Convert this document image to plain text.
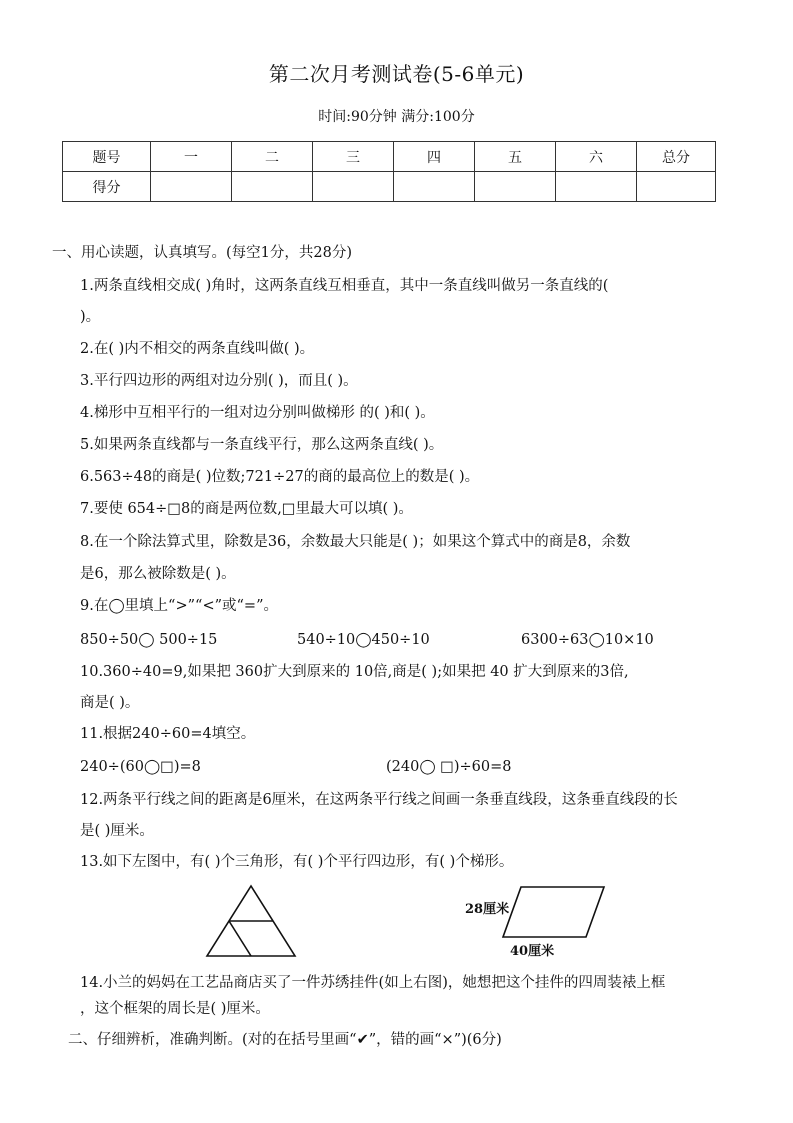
第二次月考测试卷(5-6单元)
时间:90分钟 满分:100分
题号	一	二	三	四	五	六	总分
得分							
一、用心读题，认真填写。(每空1分，共28分)
1.两条直线相交成( )角时，这两条直线互相垂直，其中一条直线叫做另一条直线的(
)。
2.在( )内不相交的两条直线叫做( )。
3.平行四边形的两组对边分别( )，而且( )。
4.梯形中互相平行的一组对边分别叫做梯形 的( )和( )。
5.如果两条直线都与一条直线平行，那么这两条直线( )。
6.563÷48的商是( )位数;721÷27的商的最高位上的数是( )。
7.要使 654÷□8的商是两位数,□里最大可以填( )。
8.在一个除法算式里，除数是36，余数最大只能是( )；如果这个算式中的商是8，余数
是6，那么被除数是( )。
9.在◯里填上“>”“<”或“=”。
850÷50◯ 500÷15	540÷10◯450÷10	6300÷63◯10×10
10.360÷40=9,如果把 360扩大到原来的 10倍,商是( );如果把 40 扩大到原来的3倍,
商是( )。
11.根据240÷60=4填空。
240÷(60◯□)=8	(240◯ □)÷60=8
12.两条平行线之间的距离是6厘米，在这两条平行线之间画一条垂直线段，这条垂直线段的长
是( )厘米。
13.如下左图中，有( )个三角形，有( )个平行四边形，有( )个梯形。
28厘米
40厘米
14.小兰的妈妈在工艺品商店买了一件苏绣挂件(如上右图)，她想把这个挂件的四周装裱上框
，这个框架的周长是( )厘米。
二、仔细辨析，准确判断。(对的在括号里画“✔”，错的画“×”)(6分)
